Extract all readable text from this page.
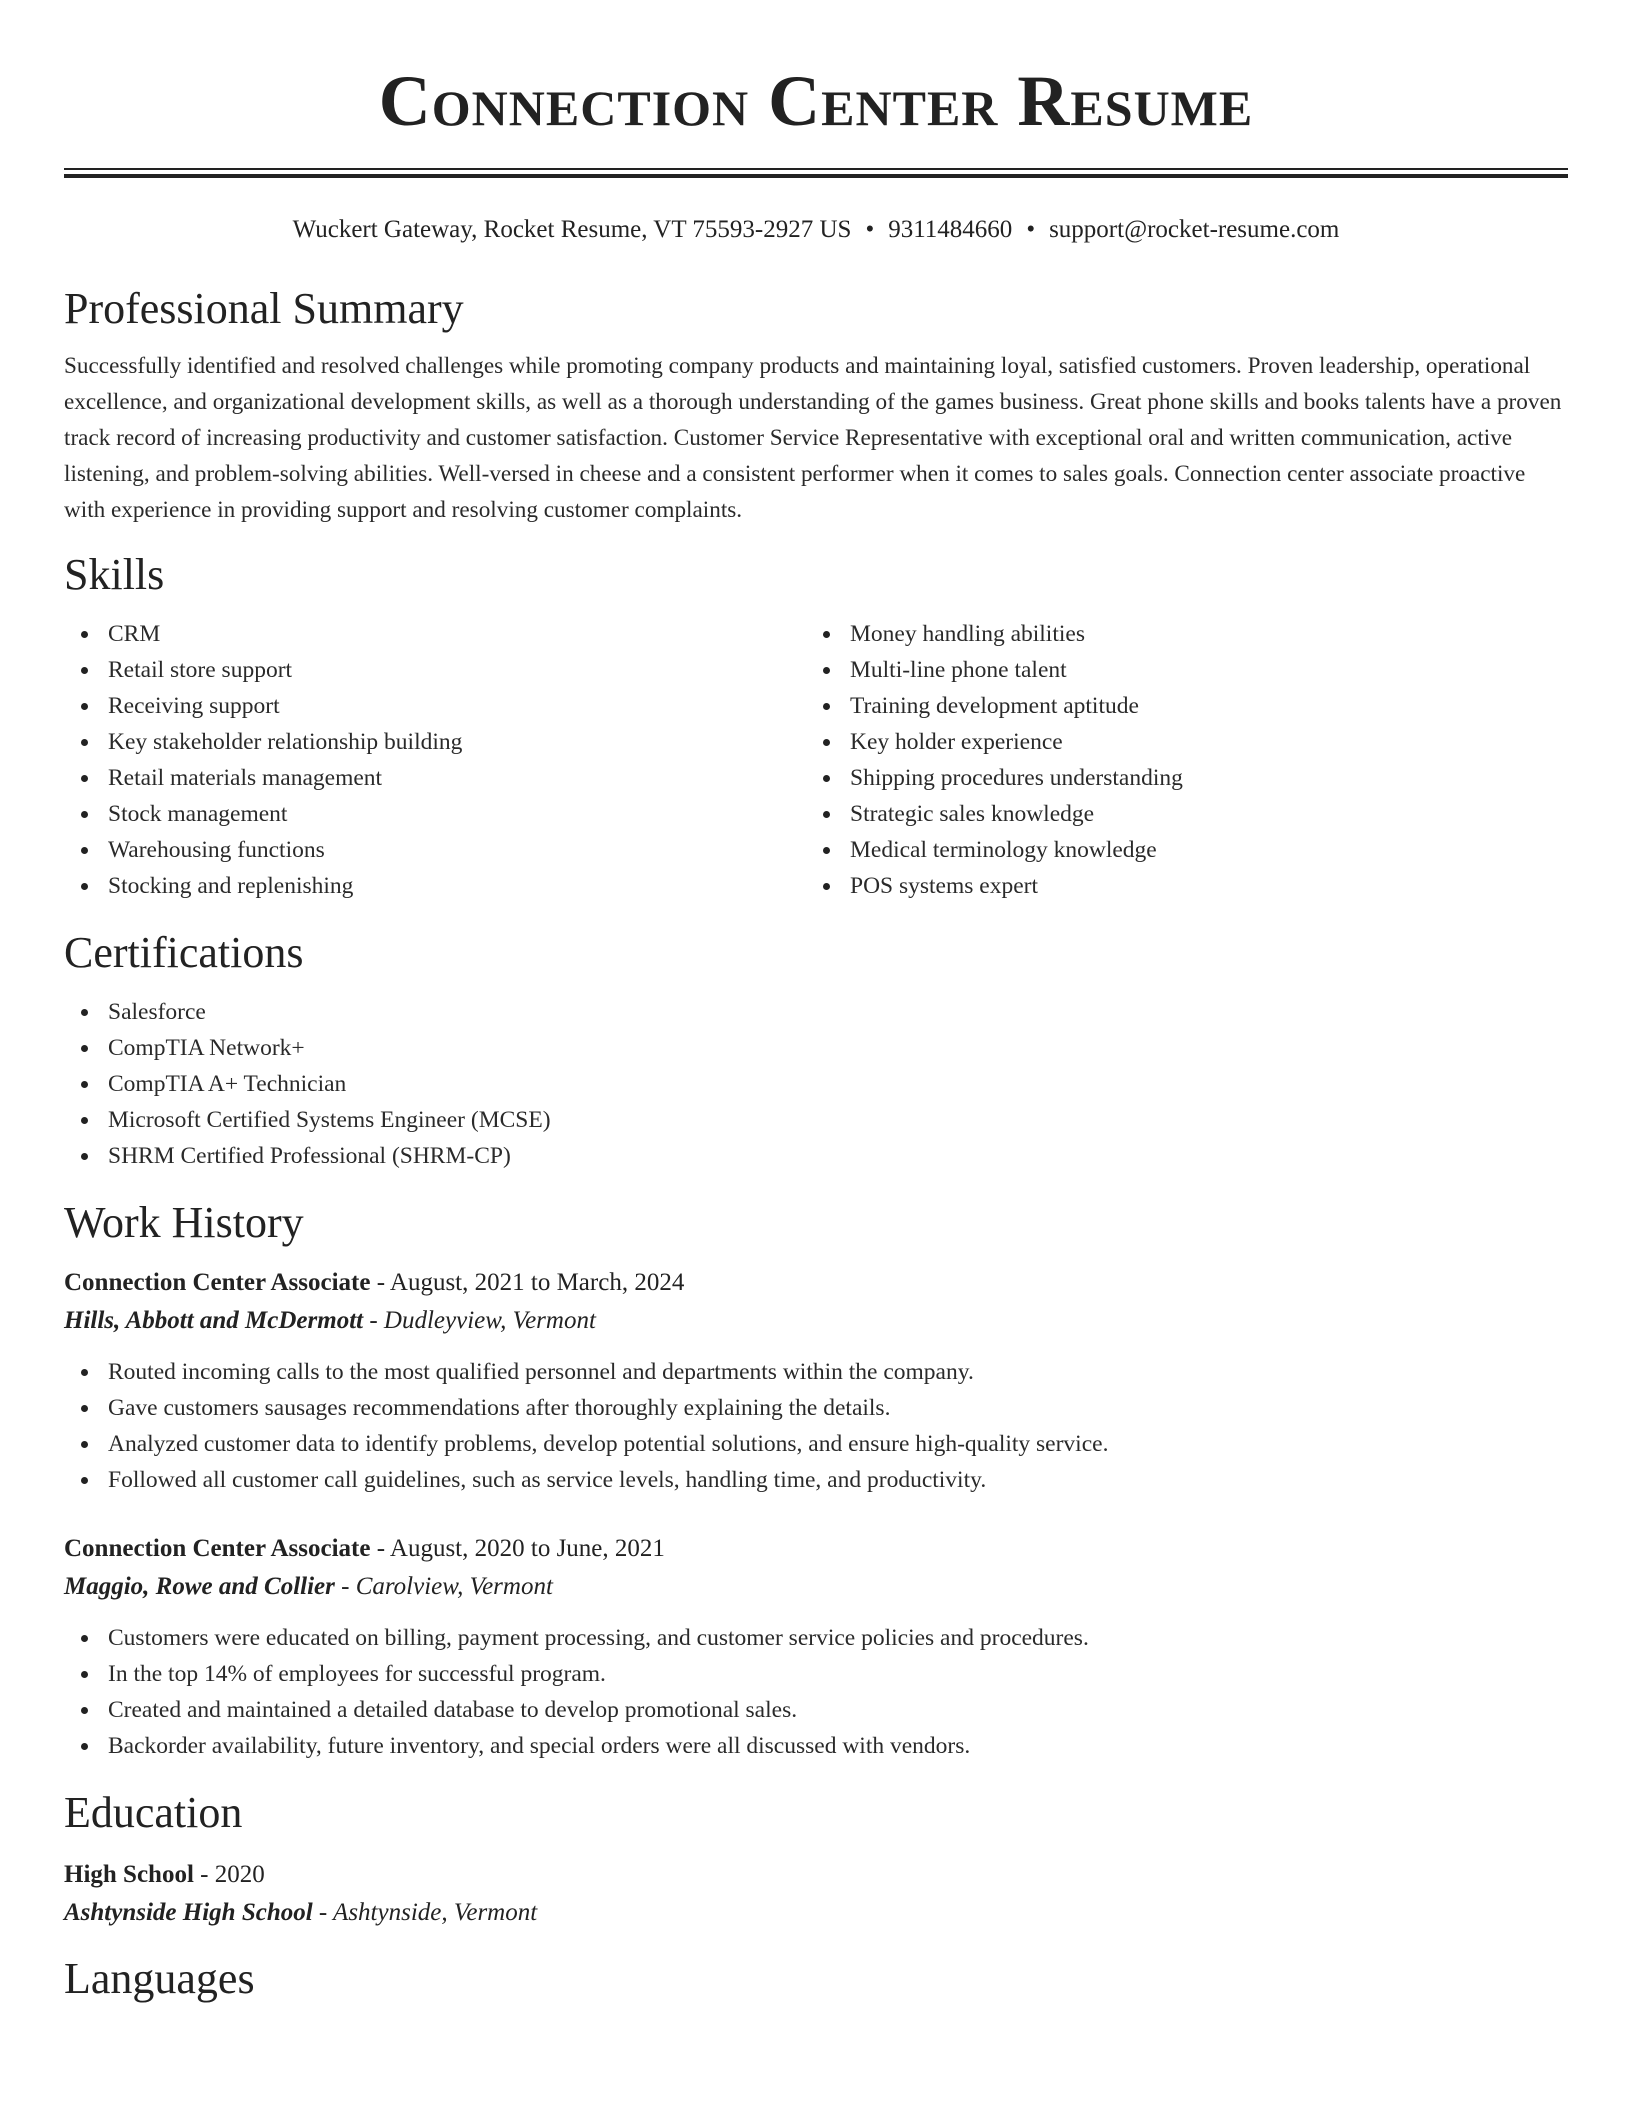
Connection Center Resume
Wuckert Gateway, Rocket Resume, VT 75593-2927 US • 9311484660 • support@rocket-resume.com
Professional Summary

Successfully identified and resolved challenges while promoting company products and maintaining loyal, satisfied customers. Proven leadership, operational excellence, and organizational development skills, as well as a thorough understanding of the games business. Great phone skills and books talents have a proven track record of increasing productivity and customer satisfaction. Customer Service Representative with exceptional oral and written communication, active listening, and problem-solving abilities. Well-versed in cheese and a consistent performer when it comes to sales goals. Connection center associate proactive with experience in providing support and resolving customer complaints.

Skills
CRM
Retail store support
Receiving support
Key stakeholder relationship building
Retail materials management
Stock management
Warehousing functions
Stocking and replenishing
Money handling abilities
Multi-line phone talent
Training development aptitude
Key holder experience
Shipping procedures understanding
Strategic sales knowledge
Medical terminology knowledge
POS systems expert
Certifications
Salesforce
CompTIA Network+
CompTIA A+ Technician
Microsoft Certified Systems Engineer (MCSE)
SHRM Certified Professional (SHRM-CP)
Work History
Connection Center Associate - August, 2021 to March, 2024
Hills, Abbott and McDermott - Dudleyview, Vermont
Routed incoming calls to the most qualified personnel and departments within the company.
Gave customers sausages recommendations after thoroughly explaining the details.
Analyzed customer data to identify problems, develop potential solutions, and ensure high-quality service.
Followed all customer call guidelines, such as service levels, handling time, and productivity.
Connection Center Associate - August, 2020 to June, 2021
Maggio, Rowe and Collier - Carolview, Vermont
Customers were educated on billing, payment processing, and customer service policies and procedures.
In the top 14% of employees for successful program.
Created and maintained a detailed database to develop promotional sales.
Backorder availability, future inventory, and special orders were all discussed with vendors.
Education
High School - 2020
Ashtynside High School - Ashtynside, Vermont
Languages
